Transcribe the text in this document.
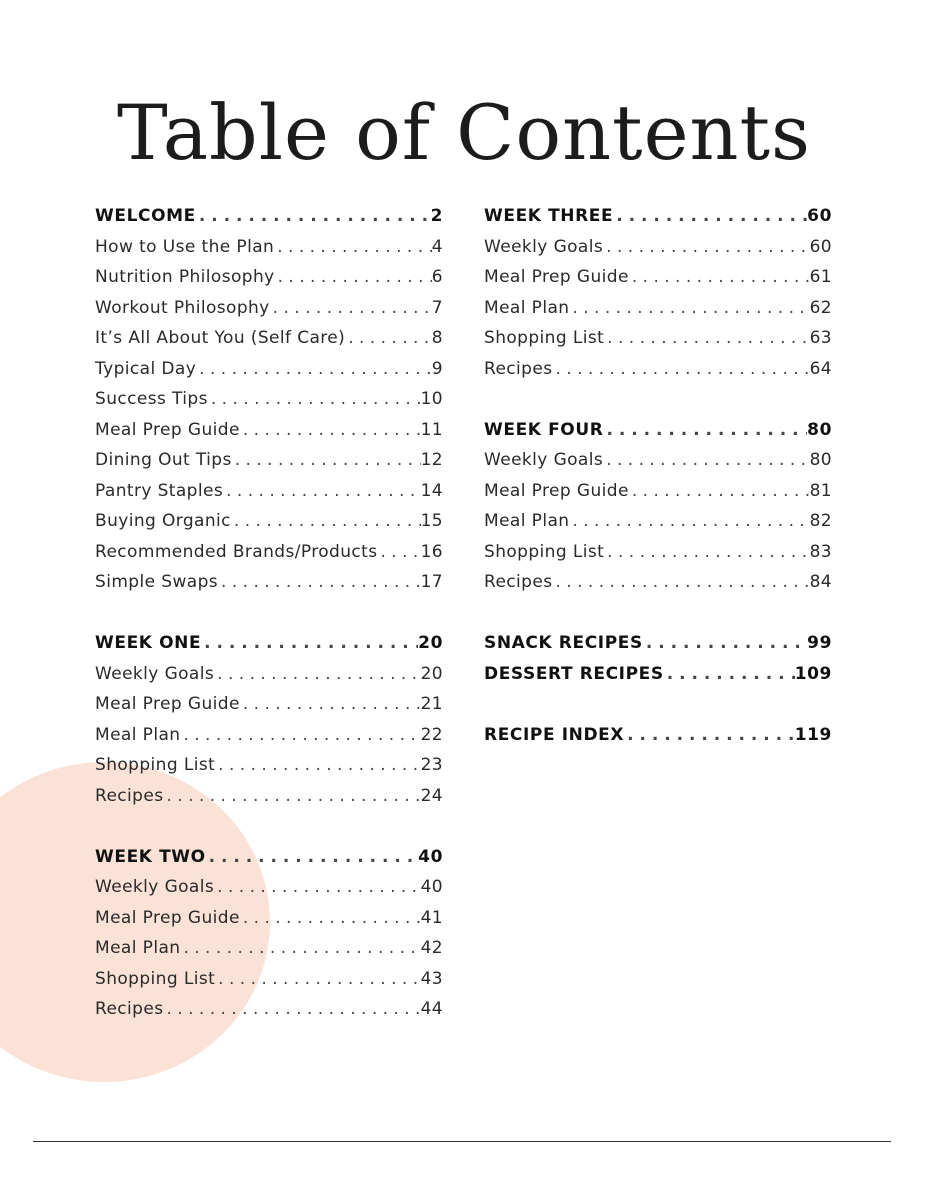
Table of Contents
WELCOME . . .	2
How to Use the Plan . . .	4
Nutrition Philosophy . . .	6
Workout Philosophy . . .	7
It’s All About You (Self Care) . . .	8
Typical Day . . .	9
Success Tips . . .	10
Meal Prep Guide . . .	11
Dining Out Tips . . .	12
Pantry Staples . . .	14
Buying Organic . . .	15
Recommended Brands/Products . . .	16
Simple Swaps . . .	17
WEEK ONE . . .	20
Weekly Goals . . .	20
Meal Prep Guide . . .	21
Meal Plan . . .	22
Shopping List . . .	23
Recipes . . .	24
WEEK TWO . . .	40
Weekly Goals . . .	40
Meal Prep Guide . . .	41
Meal Plan . . .	42
Shopping List . . .	43
Recipes . . .	44
WEEK THREE . . .	60
Weekly Goals . . .	60
Meal Prep Guide . . .	61
Meal Plan . . .	62
Shopping List . . .	63
Recipes . . .	64
WEEK FOUR . . .	80
Weekly Goals . . .	80
Meal Prep Guide . . .	81
Meal Plan . . .	82
Shopping List . . .	83
Recipes . . .	84
SNACK RECIPES . . .	99
DESSERT RECIPES . . .	109
RECIPE INDEX . . .	119
